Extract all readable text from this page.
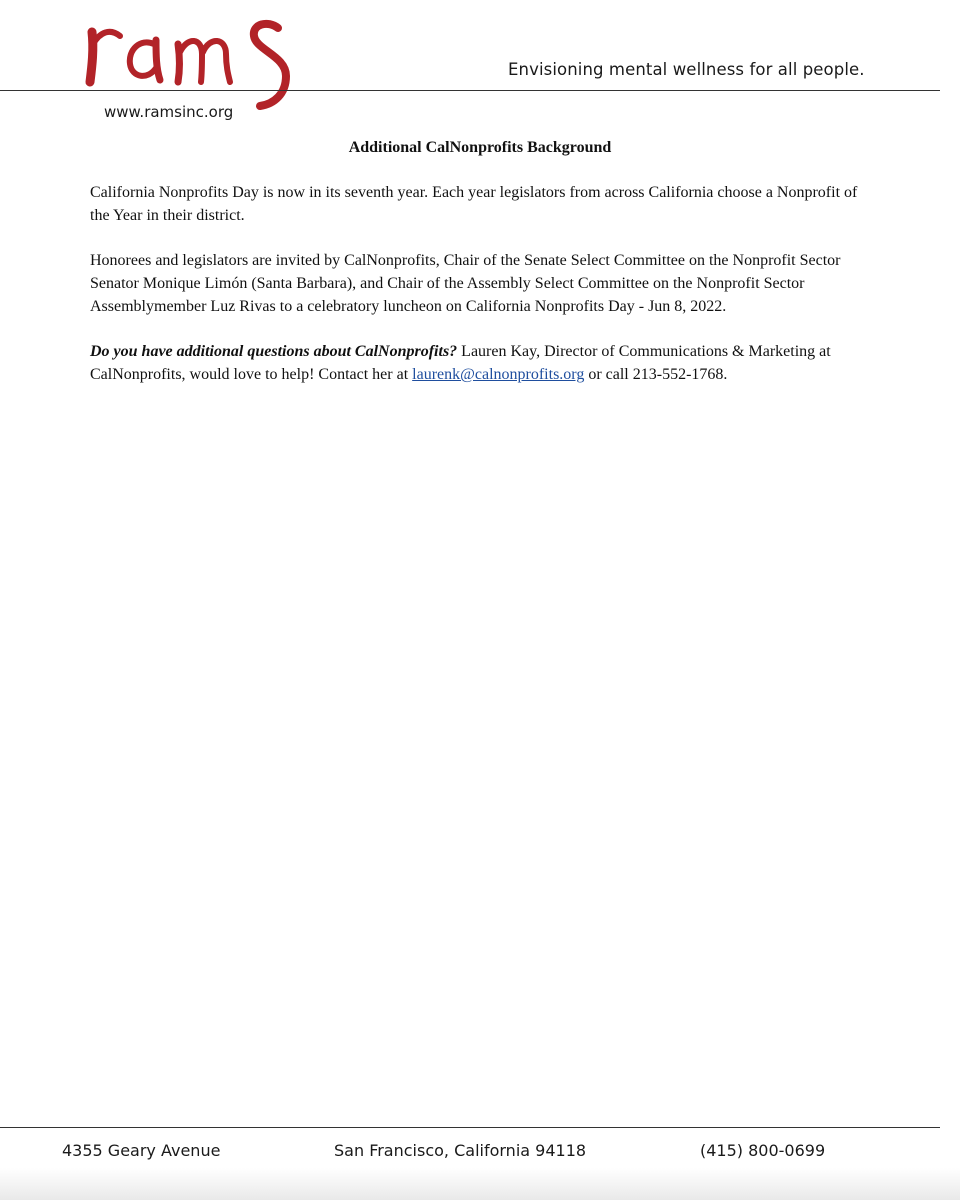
rams
Envisioning mental wellness for all people.
www.ramsinc.org
Additional CalNonprofits Background

California Nonprofits Day is now in its seventh year. Each year legislators from across California choose a Nonprofit of the Year in their district.

Honorees and legislators are invited by CalNonprofits, Chair of the Senate Select Committee on the Nonprofit Sector Senator Monique Limón (Santa Barbara), and Chair of the Assembly Select Committee on the Nonprofit Sector Assemblymember Luz Rivas to a celebratory luncheon on California Nonprofits Day - Jun 8, 2022.

Do you have additional questions about CalNonprofits? Lauren Kay, Director of Communications & Marketing at CalNonprofits, would love to help! Contact her at laurenk@calnonprofits.org or call 213-552-1768.

4355 Geary Avenue	San Francisco, California 94118	(415) 800-0699
